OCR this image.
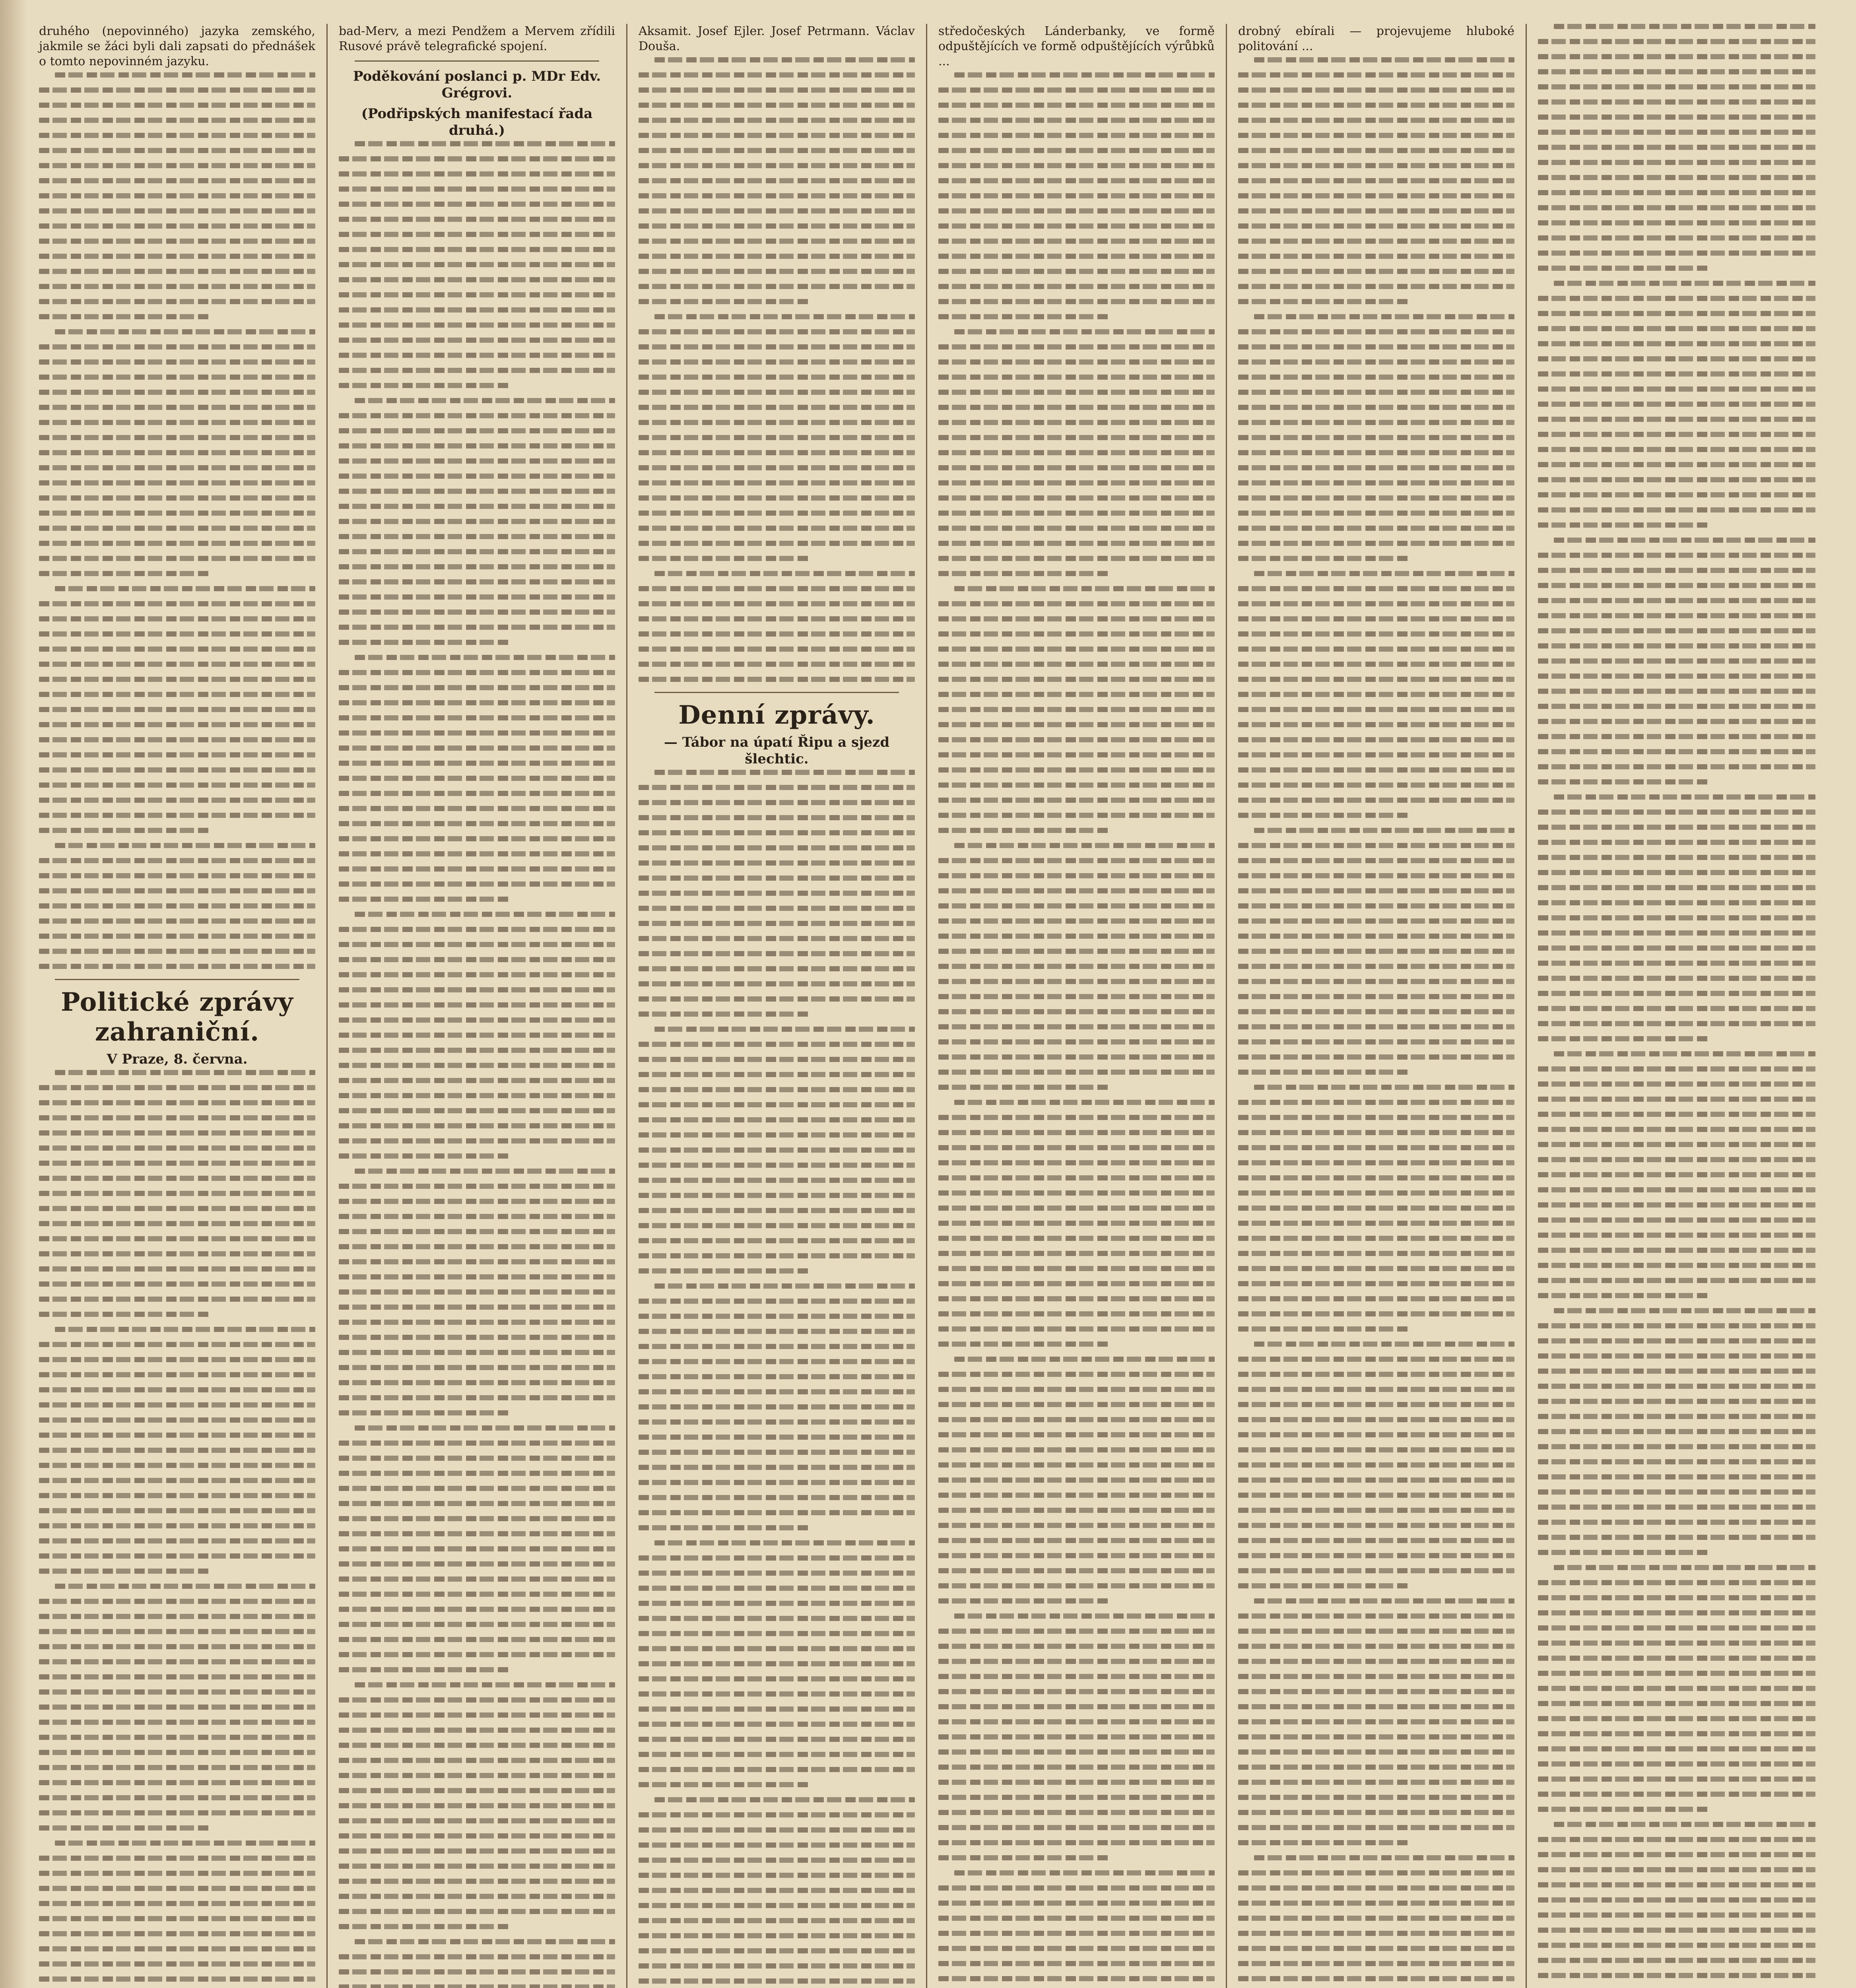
druhého (nepovinného) jazyka zemského, jakmile se žáci byli dali zapsati do přednášek o tomto nepovinném jazyku.

Politické zprávy zahraniční.
V Praze, 8. června.

bad-Merv, a mezi Pendžem a Mervem zřídili Rusové právě telegrafické spojení.

Poděkování poslanci p. MDr Edv. Grégrovi.
(Podřipských manifestací řada druhá.)

Aksamit. Josef Ejler. Josef Petrmann. Václav Douša.

Denní zprávy.
— Tábor na úpatí Řipu a sjezd šlechtic.

středočeských Lánderbanky, ve formě odpuštějících ve formě odpuštějících výrůbků ...

drobný ebírali — projevujeme hluboké politování ...
